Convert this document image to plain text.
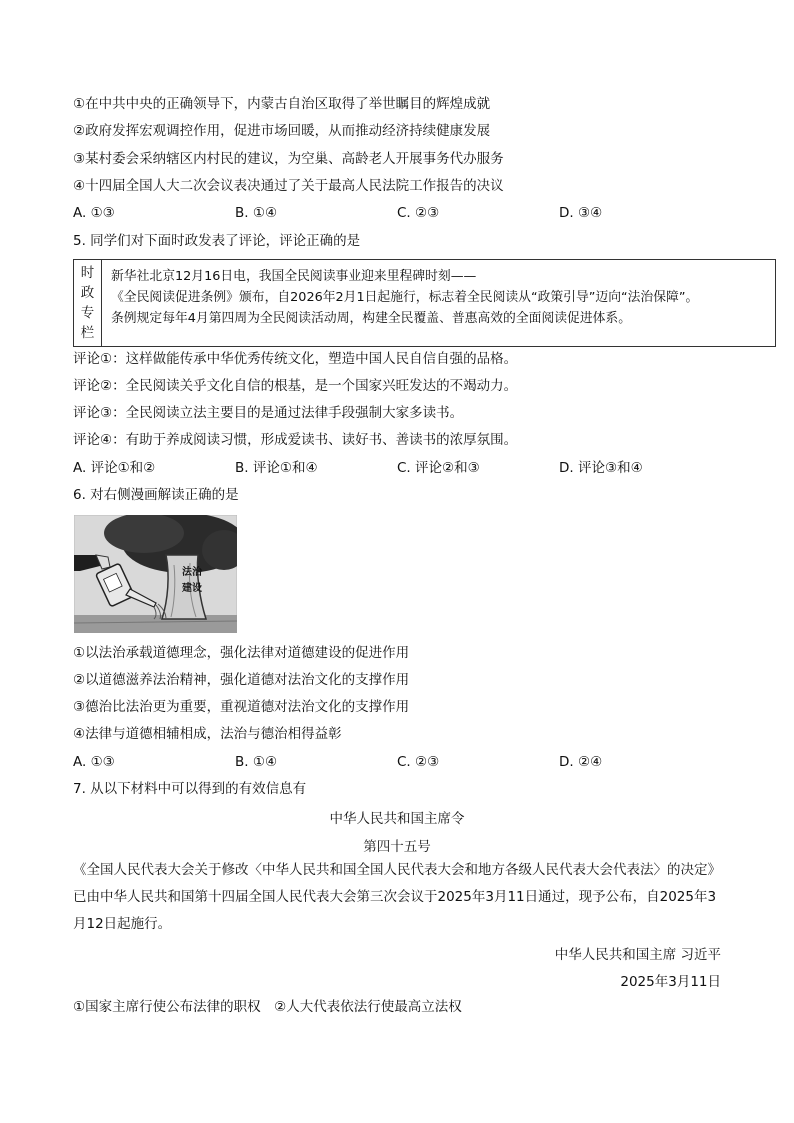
①在中共中央的正确领导下，内蒙古自治区取得了举世瞩目的辉煌成就
②政府发挥宏观调控作用，促进市场回暖，从而推动经济持续健康发展
③某村委会采纳辖区内村民的建议，为空巢、高龄老人开展事务代办服务
④十四届全国人大二次会议表决通过了关于最高人民法院工作报告的决议
A. ①③	B. ①④	C. ②③	D. ③④
5. 同学们对下面时政发表了评论，评论正确的是
时
政
专
栏
新华社北京12月16日电，我国全民阅读事业迎来里程碑时刻——
《全民阅读促进条例》颁布，自2026年2月1日起施行，标志着全民阅读从“政策引导”迈向“法治保障”。
条例规定每年4月第四周为全民阅读活动周，构建全民覆盖、普惠高效的全面阅读促进体系。
评论①：这样做能传承中华优秀传统文化，塑造中国人民自信自强的品格。
评论②：全民阅读关乎文化自信的根基，是一个国家兴旺发达的不竭动力。
评论③：全民阅读立法主要目的是通过法律手段强制大家多读书。
评论④：有助于养成阅读习惯，形成爱读书、读好书、善读书的浓厚氛围。
A. 评论①和②	B. 评论①和④	C. 评论②和③	D. 评论③和④
6. 对右侧漫画解读正确的是
法治
建设
①以法治承载道德理念，强化法律对道德建设的促进作用
②以道德滋养法治精神，强化道德对法治文化的支撑作用
③德治比法治更为重要，重视道德对法治文化的支撑作用
④法律与道德相辅相成，法治与德治相得益彰
A. ①③	B. ①④	C. ②③	D. ②④
7. 从以下材料中可以得到的有效信息有
中华人民共和国主席令
第四十五号
《全国人民代表大会关于修改〈中华人民共和国全国人民代表大会和地方各级人民代表大会代表法〉的决定》已由中华人民共和国第十四届全国人民代表大会第三次会议于2025年3月11日通过，现予公布，自2025年3月12日起施行。
中华人民共和国主席 习近平
2025年3月11日
①国家主席行使公布法律的职权　②人大代表依法行使最高立法权
